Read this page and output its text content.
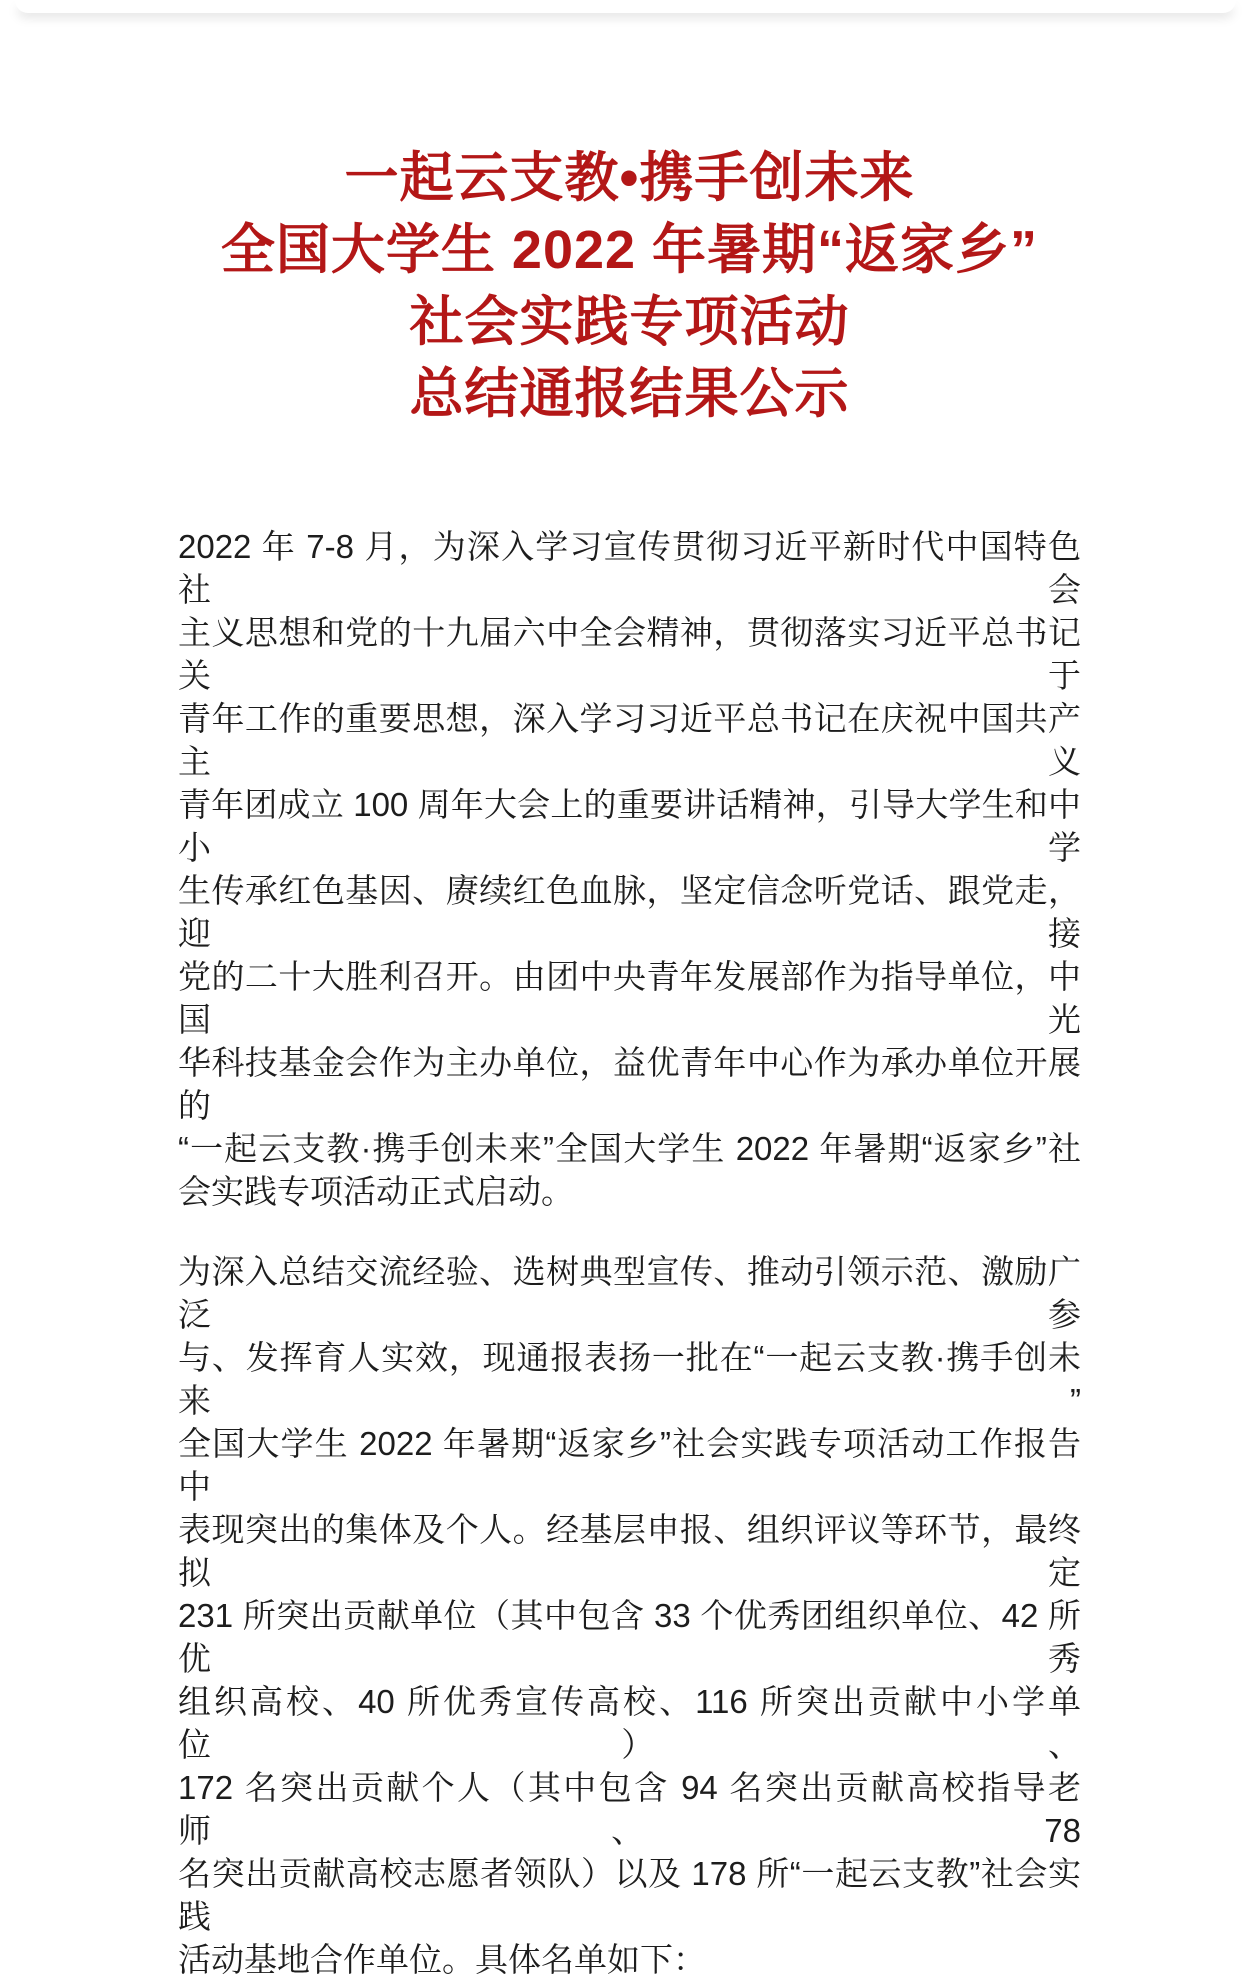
一起云支教•携手创未来
全国大学生 2022 年暑期“返家乡”
社会实践专项活动
总结通报结果公示
2022 年 7-8 月，为深入学习宣传贯彻习近平新时代中国特色社会
主义思想和党的十九届六中全会精神，贯彻落实习近平总书记关于
青年工作的重要思想，深入学习习近平总书记在庆祝中国共产主义
青年团成立 100 周年大会上的重要讲话精神，引导大学生和中小学
生传承红色基因、赓续红色血脉，坚定信念听党话、跟党走，迎接
党的二十大胜利召开。由团中央青年发展部作为指导单位，中国光
华科技基金会作为主办单位，益优青年中心作为承办单位开展的
“一起云支教·携手创未来”全国大学生 2022 年暑期“返家乡”社
会实践专项活动正式启动。
为深入总结交流经验、选树典型宣传、推动引领示范、激励广泛参
与、发挥育人实效，现通报表扬一批在“一起云支教·携手创未来”
全国大学生 2022 年暑期“返家乡”社会实践专项活动工作报告中
表现突出的集体及个人。经基层申报、组织评议等环节，最终拟定
231 所突出贡献单位（其中包含 33 个优秀团组织单位、42 所优秀
组织高校、40 所优秀宣传高校、116 所突出贡献中小学单位）、
172 名突出贡献个人（其中包含 94 名突出贡献高校指导老师、78
名突出贡献高校志愿者领队）以及 178 所“一起云支教”社会实践
活动基地合作单位。具体名单如下：
